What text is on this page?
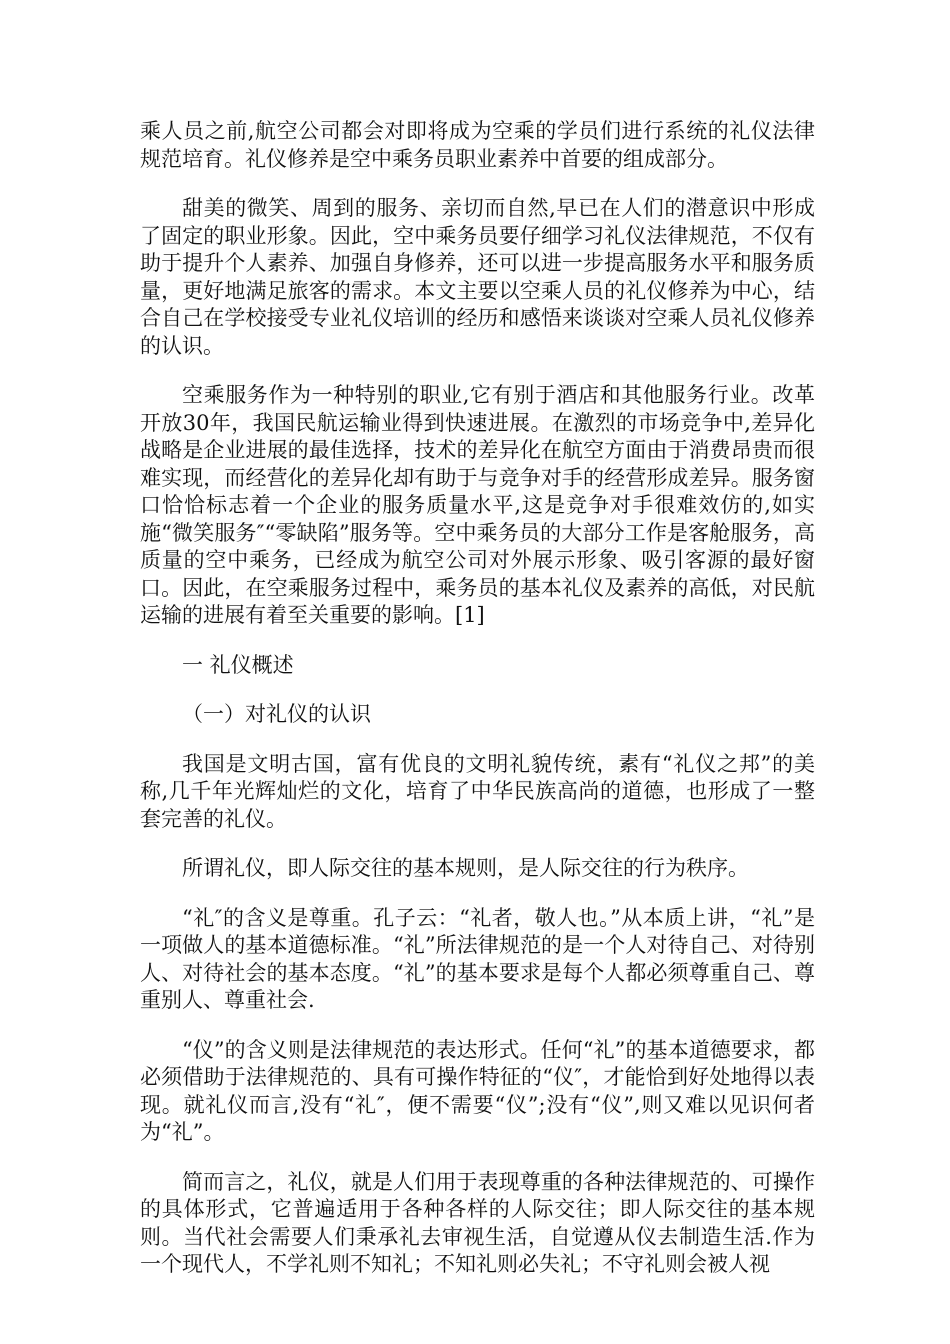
乘人员之前,航空公司都会对即将成为空乘的学员们进行系统的礼仪法律规范培育。礼仪修养是空中乘务员职业素养中首要的组成部分。

甜美的微笑、周到的服务、亲切而自然,早已在人们的潜意识中形成了固定的职业形象。因此，空中乘务员要仔细学习礼仪法律规范，不仅有助于提升个人素养、加强自身修养，还可以进一步提高服务水平和服务质量，更好地满足旅客的需求。本文主要以空乘人员的礼仪修养为中心，结合自己在学校接受专业礼仪培训的经历和感悟来谈谈对空乘人员礼仪修养的认识。

空乘服务作为一种特别的职业,它有别于酒店和其他服务行业。改革开放30年，我国民航运输业得到快速进展。在激烈的市场竞争中,差异化战略是企业进展的最佳选择，技术的差异化在航空方面由于消费昂贵而很难实现，而经营化的差异化却有助于与竞争对手的经营形成差异。服务窗口恰恰标志着一个企业的服务质量水平,这是竞争对手很难效仿的,如实施“微笑服务″“零缺陷”服务等。空中乘务员的大部分工作是客舱服务，高质量的空中乘务，已经成为航空公司对外展示形象、吸引客源的最好窗口。因此，在空乘服务过程中，乘务员的基本礼仪及素养的高低，对民航运输的进展有着至关重要的影响。[1]

一 礼仪概述

（一）对礼仪的认识

我国是文明古国，富有优良的文明礼貌传统，素有“礼仪之邦”的美称,几千年光辉灿烂的文化，培育了中华民族高尚的道德，也形成了一整套完善的礼仪。

所谓礼仪，即人际交往的基本规则，是人际交往的行为秩序。

“礼″的含义是尊重。孔子云：“礼者，敬人也。”从本质上讲，“礼”是一项做人的基本道德标准。“礼”所法律规范的是一个人对待自己、对待别人、对待社会的基本态度。“礼”的基本要求是每个人都必须尊重自己、尊重别人、尊重社会.

“仪”的含义则是法律规范的表达形式。任何“礼”的基本道德要求，都必须借助于法律规范的、具有可操作特征的“仪″，才能恰到好处地得以表现。就礼仪而言,没有“礼″，便不需要“仪”;没有“仪”,则又难以见识何者为“礼”。

简而言之，礼仪，就是人们用于表现尊重的各种法律规范的、可操作的具体形式，它普遍适用于各种各样的人际交往；即人际交往的基本规则。当代社会需要人们秉承礼去审视生活，自觉遵从仪去制造生活.作为一个现代人，不学礼则不知礼；不知礼则必失礼；不守礼则会被人视
